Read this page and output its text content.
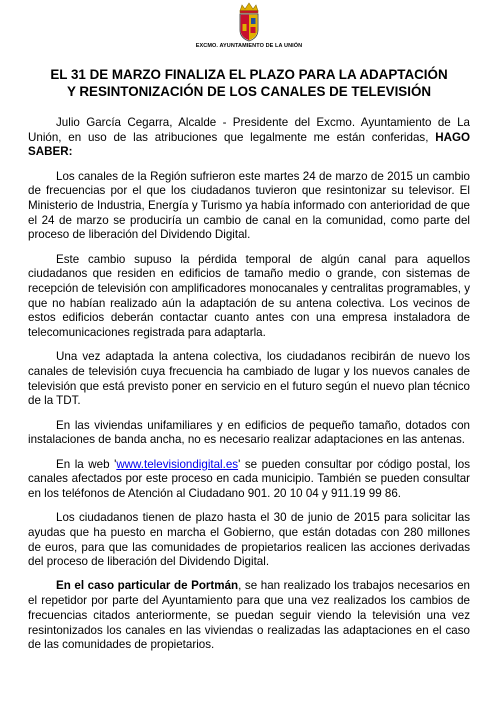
EXCMO. AYUNTAMIENTO DE LA UNIÓN
EL 31 DE MARZO FINALIZA EL PLAZO PARA LA ADAPTACIÓN
Y RESINTONIZACIÓN DE LOS CANALES DE TELEVISIÓN

Julio García Cegarra, Alcalde - Presidente del Excmo. Ayuntamiento de La Unión, en uso de las atribuciones que legalmente me están conferidas, HAGO SABER:

Los canales de la Región sufrieron este martes 24 de marzo de 2015 un cambio de frecuencias por el que los ciudadanos tuvieron que resintonizar su televisor. El Ministerio de Industria, Energía y Turismo ya había informado con anterioridad de que el 24 de marzo se produciría un cambio de canal en la comunidad, como parte del proceso de liberación del Dividendo Digital.

Este cambio supuso la pérdida temporal de algún canal para aquellos ciudadanos que residen en edificios de tamaño medio o grande, con sistemas de recepción de televisión con amplificadores monocanales y centralitas programables, y que no habían realizado aún la adaptación de su antena colectiva. Los vecinos de estos edificios deberán contactar cuanto antes con una empresa instaladora de telecomunicaciones registrada para adaptarla.

Una vez adaptada la antena colectiva, los ciudadanos recibirán de nuevo los canales de televisión cuya frecuencia ha cambiado de lugar y los nuevos canales de televisión que está previsto poner en servicio en el futuro según el nuevo plan técnico de la TDT.

En las viviendas unifamiliares y en edificios de pequeño tamaño, dotados con instalaciones de banda ancha, no es necesario realizar adaptaciones en las antenas.

En la web 'www.televisiondigital.es' se pueden consultar por código postal, los canales afectados por este proceso en cada municipio. También se pueden consultar en los teléfonos de Atención al Ciudadano 901. 20 10 04 y 911.19 99 86.

Los ciudadanos tienen de plazo hasta el 30 de junio de 2015 para solicitar las ayudas que ha puesto en marcha el Gobierno, que están dotadas con 280 millones de euros, para que las comunidades de propietarios realicen las acciones derivadas del proceso de liberación del Dividendo Digital.

En el caso particular de Portmán, se han realizado los trabajos necesarios en el repetidor por parte del Ayuntamiento para que una vez realizados los cambios de frecuencias citados anteriormente, se puedan seguir viendo la televisión una vez resintonizados los canales en las viviendas o realizadas las adaptaciones en el caso de las comunidades de propietarios.
